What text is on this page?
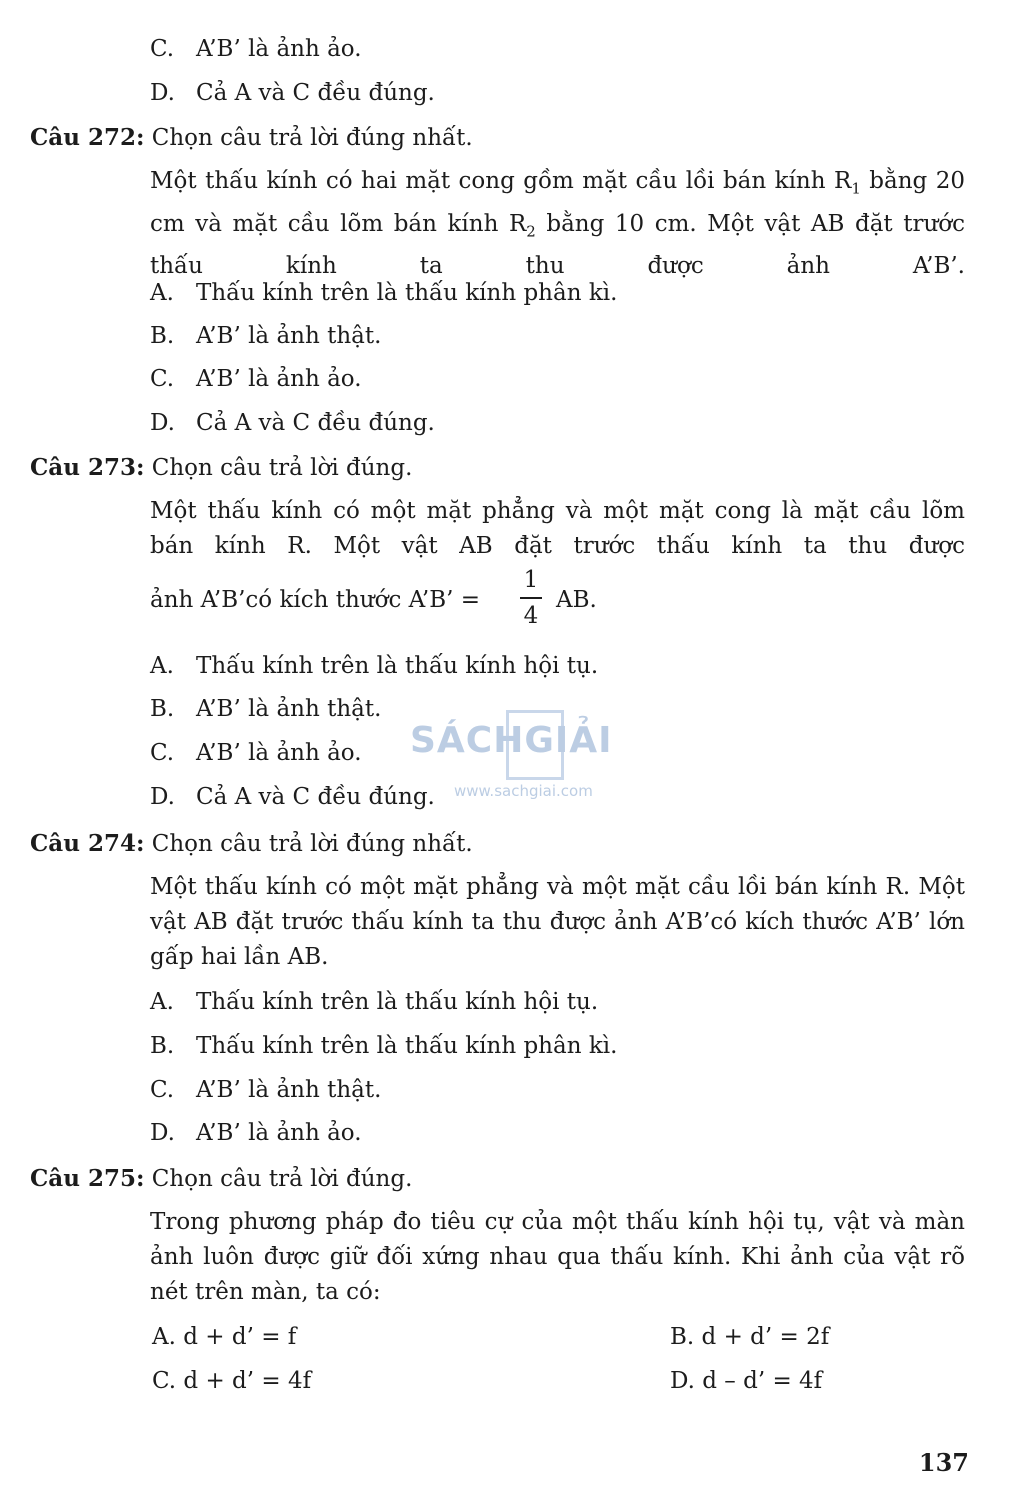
C. A’B’ là ảnh ảo.
D. Cả A và C đều đúng.
Câu 272: Chọn câu trả lời đúng nhất.
Một thấu kính có hai mặt cong gồm mặt cầu lồi bán kính $R_1$ bằng 20 cm và mặt cầu lõm bán kính $R_2$ bằng 10 cm. Một vật AB đặt trước thấu kính ta thu được ảnh A’B’.
A. Thấu kính trên là thấu kính phân kì.
B. A’B’ là ảnh thật.
C. A’B’ là ảnh ảo.
D. Cả A và C đều đúng.
Câu 273: Chọn câu trả lời đúng.
Một thấu kính có một mặt phẳng và một mặt cong là mặt cầu lõm bán kính R. Một vật AB đặt trước thấu kính ta thu được
ảnh A’B’có kích thước A’B’ =
1
4
AB.
A. Thấu kính trên là thấu kính hội tụ.
B. A’B’ là ảnh thật.
C. A’B’ là ảnh ảo.
D. Cả A và C đều đúng.
SÁCHGIẢI
www.sachgiai.com
Câu 274: Chọn câu trả lời đúng nhất.
Một thấu kính có một mặt phẳng và một mặt cầu lồi bán kính R. Một vật AB đặt trước thấu kính ta thu được ảnh A’B’có kích thước A’B’ lớn gấp hai lần AB.
A. Thấu kính trên là thấu kính hội tụ.
B. Thấu kính trên là thấu kính phân kì.
C. A’B’ là ảnh thật.
D. A’B’ là ảnh ảo.
Câu 275: Chọn câu trả lời đúng.
Trong phương pháp đo tiêu cự của một thấu kính hội tụ, vật và màn ảnh luôn được giữ đối xứng nhau qua thấu kính. Khi ảnh của vật rõ nét trên màn, ta có:
A. d + d’ = f	B. d + d’ = 2f
C. d + d’ = 4f	D. d – d’ = 4f
137
